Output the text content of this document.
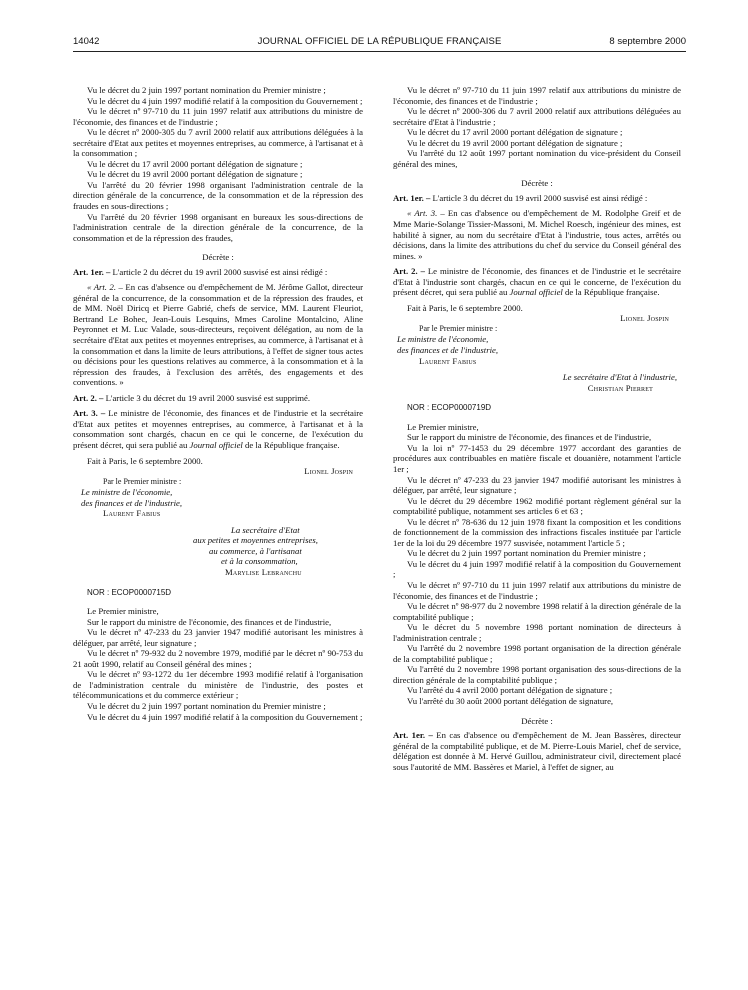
14042	JOURNAL OFFICIEL DE LA RÉPUBLIQUE FRANÇAISE	8 septembre 2000

Vu le décret du 2 juin 1997 portant nomination du Premier ministre ;

Vu le décret du 4 juin 1997 modifié relatif à la composition du Gouvernement ;

Vu le décret nº 97-710 du 11 juin 1997 relatif aux attributions du ministre de l'économie, des finances et de l'industrie ;

Vu le décret nº 2000-305 du 7 avril 2000 relatif aux attributions déléguées à la secrétaire d'Etat aux petites et moyennes entreprises, au commerce, à l'artisanat et à la consommation ;

Vu le décret du 17 avril 2000 portant délégation de signature ;

Vu le décret du 19 avril 2000 portant délégation de signature ;

Vu l'arrêté du 20 février 1998 organisant l'administration centrale de la direction générale de la concurrence, de la consommation et de la répression des fraudes en sous-directions ;

Vu l'arrêté du 20 février 1998 organisant en bureaux les sous-directions de l'administration centrale de la direction générale de la concurrence, de la consommation et de la répression des fraudes,

Décrète :

Art. 1er. – L'article 2 du décret du 19 avril 2000 susvisé est ainsi rédigé :

« Art. 2. – En cas d'absence ou d'empêchement de M. Jérôme Gallot, directeur général de la concurrence, de la consommation et de la répression des fraudes, et de MM. Noël Diricq et Pierre Gabrié, chefs de service, MM. Laurent Fleuriot, Bertrand Le Bohec, Jean-Louis Lesquins, Mmes Caroline Montalcino, Aline Peyronnet et M. Luc Valade, sous-directeurs, reçoivent délégation, au nom de la secrétaire d'Etat aux petites et moyennes entreprises, au commerce, à l'artisanat et à la consommation et dans la limite de leurs attributions, à l'effet de signer tous actes ou décisions pour les questions relatives au commerce, à la consommation et à la répression des fraudes, à l'exclusion des arrêtés, des engagements et des conventions. »

Art. 2. – L'article 3 du décret du 19 avril 2000 susvisé est supprimé.

Art. 3. – Le ministre de l'économie, des finances et de l'industrie et la secrétaire d'Etat aux petites et moyennes entreprises, au commerce, à l'artisanat et à la consommation sont chargés, chacun en ce qui le concerne, de l'exécution du présent décret, qui sera publié au Journal officiel de la République française.

Fait à Paris, le 6 septembre 2000.

Lionel Jospin

Par le Premier ministre :

Le ministre de l'économie,

des finances et de l'industrie,

Laurent Fabius

La secrétaire d'Etat

aux petites et moyennes entreprises,

au commerce, à l'artisanat

et à la consommation,

Marylise Lebranchu

NOR : ECOP0000715D

Le Premier ministre,

Sur le rapport du ministre de l'économie, des finances et de l'industrie,

Vu le décret nº 47-233 du 23 janvier 1947 modifié autorisant les ministres à déléguer, par arrêté, leur signature ;

Vu le décret nº 79-932 du 2 novembre 1979, modifié par le décret nº 90-753 du 21 août 1990, relatif au Conseil général des mines ;

Vu le décret nº 93-1272 du 1er décembre 1993 modifié relatif à l'organisation de l'administration centrale du ministère de l'industrie, des postes et télécommunications et du commerce extérieur ;

Vu le décret du 2 juin 1997 portant nomination du Premier ministre ;

Vu le décret du 4 juin 1997 modifié relatif à la composition du Gouvernement ;

Vu le décret nº 97-710 du 11 juin 1997 relatif aux attributions du ministre de l'économie, des finances et de l'industrie ;

Vu le décret nº 2000-306 du 7 avril 2000 relatif aux attributions déléguées au secrétaire d'Etat à l'industrie ;

Vu le décret du 17 avril 2000 portant délégation de signature ;

Vu le décret du 19 avril 2000 portant délégation de signature ;

Vu l'arrêté du 12 août 1997 portant nomination du vice-président du Conseil général des mines,

Décrète :

Art. 1er. – L'article 3 du décret du 19 avril 2000 susvisé est ainsi rédigé :

« Art. 3. – En cas d'absence ou d'empêchement de M. Rodolphe Greif et de Mme Marie-Solange Tissier-Massoni, M. Michel Roesch, ingénieur des mines, est habilité à signer, au nom du secrétaire d'Etat à l'industrie, tous actes, arrêtés ou décisions, dans la limite des attributions du chef du service du Conseil général des mines. »

Art. 2. – Le ministre de l'économie, des finances et de l'industrie et le secrétaire d'Etat à l'industrie sont chargés, chacun en ce qui le concerne, de l'exécution du présent décret, qui sera publié au Journal officiel de la République française.

Fait à Paris, le 6 septembre 2000.

Lionel Jospin

Par le Premier ministre :

Le ministre de l'économie,

des finances et de l'industrie,

Laurent Fabius

Le secrétaire d'Etat à l'industrie,

Christian Pierret

NOR : ECOP0000719D

Le Premier ministre,

Sur le rapport du ministre de l'économie, des finances et de l'industrie,

Vu la loi nº 77-1453 du 29 décembre 1977 accordant des garanties de procédures aux contribuables en matière fiscale et douanière, notamment l'article 1er ;

Vu le décret nº 47-233 du 23 janvier 1947 modifié autorisant les ministres à déléguer, par arrêté, leur signature ;

Vu le décret du 29 décembre 1962 modifié portant règlement général sur la comptabilité publique, notamment ses articles 6 et 63 ;

Vu le décret nº 78-636 du 12 juin 1978 fixant la composition et les conditions de fonctionnement de la commission des infractions fiscales instituée par l'article 1er de la loi du 29 décembre 1977 susvisée, notamment l'article 5 ;

Vu le décret du 2 juin 1997 portant nomination du Premier ministre ;

Vu le décret du 4 juin 1997 modifié relatif à la composition du Gouvernement ;

Vu le décret nº 97-710 du 11 juin 1997 relatif aux attributions du ministre de l'économie, des finances et de l'industrie ;

Vu le décret nº 98-977 du 2 novembre 1998 relatif à la direction générale de la comptabilité publique ;

Vu le décret du 5 novembre 1998 portant nomination de directeurs à l'administration centrale ;

Vu l'arrêté du 2 novembre 1998 portant organisation de la direction générale de la comptabilité publique ;

Vu l'arrêté du 2 novembre 1998 portant organisation des sous-directions de la direction générale de la comptabilité publique ;

Vu l'arrêté du 4 avril 2000 portant délégation de signature ;

Vu l'arrêté du 30 août 2000 portant délégation de signature,

Décrète :

Art. 1er. – En cas d'absence ou d'empêchement de M. Jean Bassères, directeur général de la comptabilité publique, et de M. Pierre-Louis Mariel, chef de service, délégation est donnée à M. Hervé Guillou, administrateur civil, directement placé sous l'autorité de MM. Bassères et Mariel, à l'effet de signer, au
